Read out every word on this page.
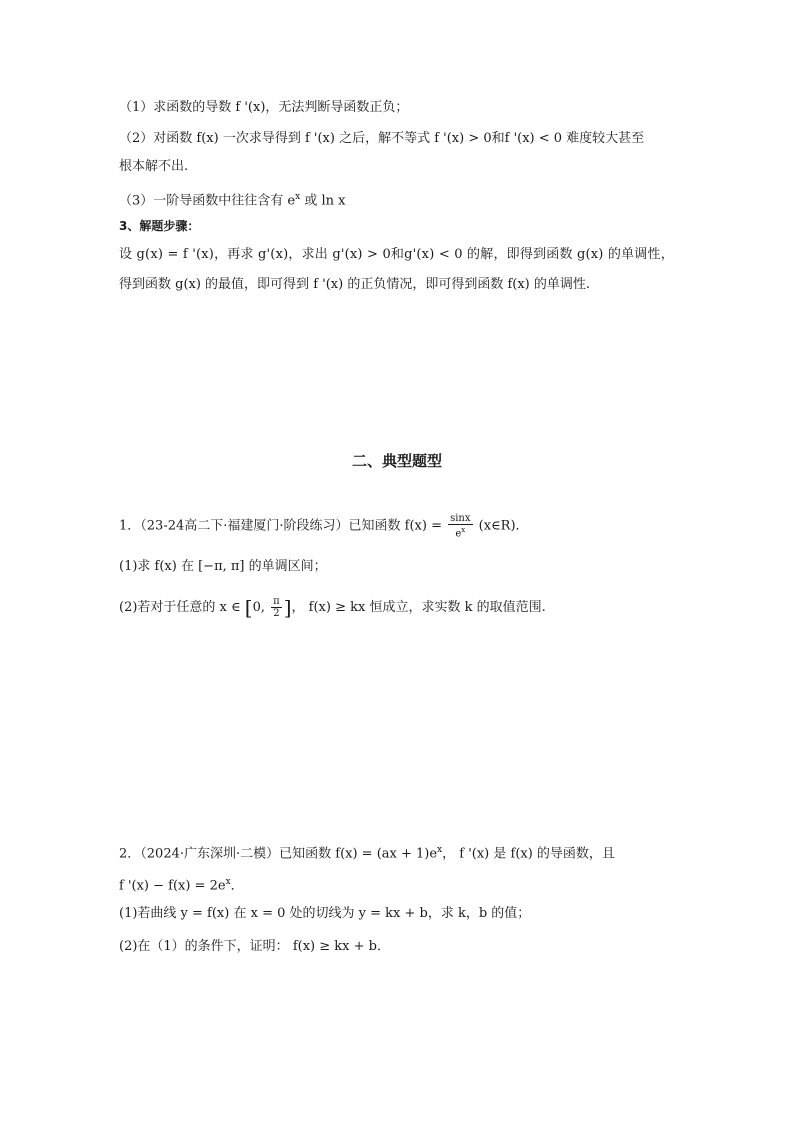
（1）求函数的导数 f '(x)，无法判断导函数正负；
（2）对函数 f(x) 一次求导得到 f '(x) 之后，解不等式 f '(x) > 0和f '(x) < 0 难度较大甚至
根本解不出.
（3）一阶导函数中往往含有 $e^x$ 或 ln x
3、解题步骤：
设 g(x) = f '(x)，再求 g'(x)，求出 g'(x) > 0和g'(x) < 0 的解，即得到函数 g(x) 的单调性，
得到函数 g(x) 的最值，即可得到 f '(x) 的正负情况，即可得到函数 f(x) 的单调性.
二、典型题型
1．（23-24高二下·福建厦门·阶段练习）已知函数 $f(x) = \frac{\sin x}{e^x}$ (x∈R)．
(1)求 f(x) 在 [−π, π] 的单调区间；
(2)若对于任意的 x ∈ [0, $\frac{\pi}{2}$ ]， f(x) ≥ kx 恒成立，求实数 k 的取值范围.
2．（2024·广东深圳·二模）已知函数 $f(x) = (ax + 1)e^x$， f '(x) 是 f(x) 的导函数，且
f '$(x) - f(x) = 2e^x$．
(1)若曲线 y = f(x) 在 x = 0 处的切线为 y = kx + b，求 k，b 的值；
(2)在（1）的条件下，证明： f(x) ≥ kx + b．
